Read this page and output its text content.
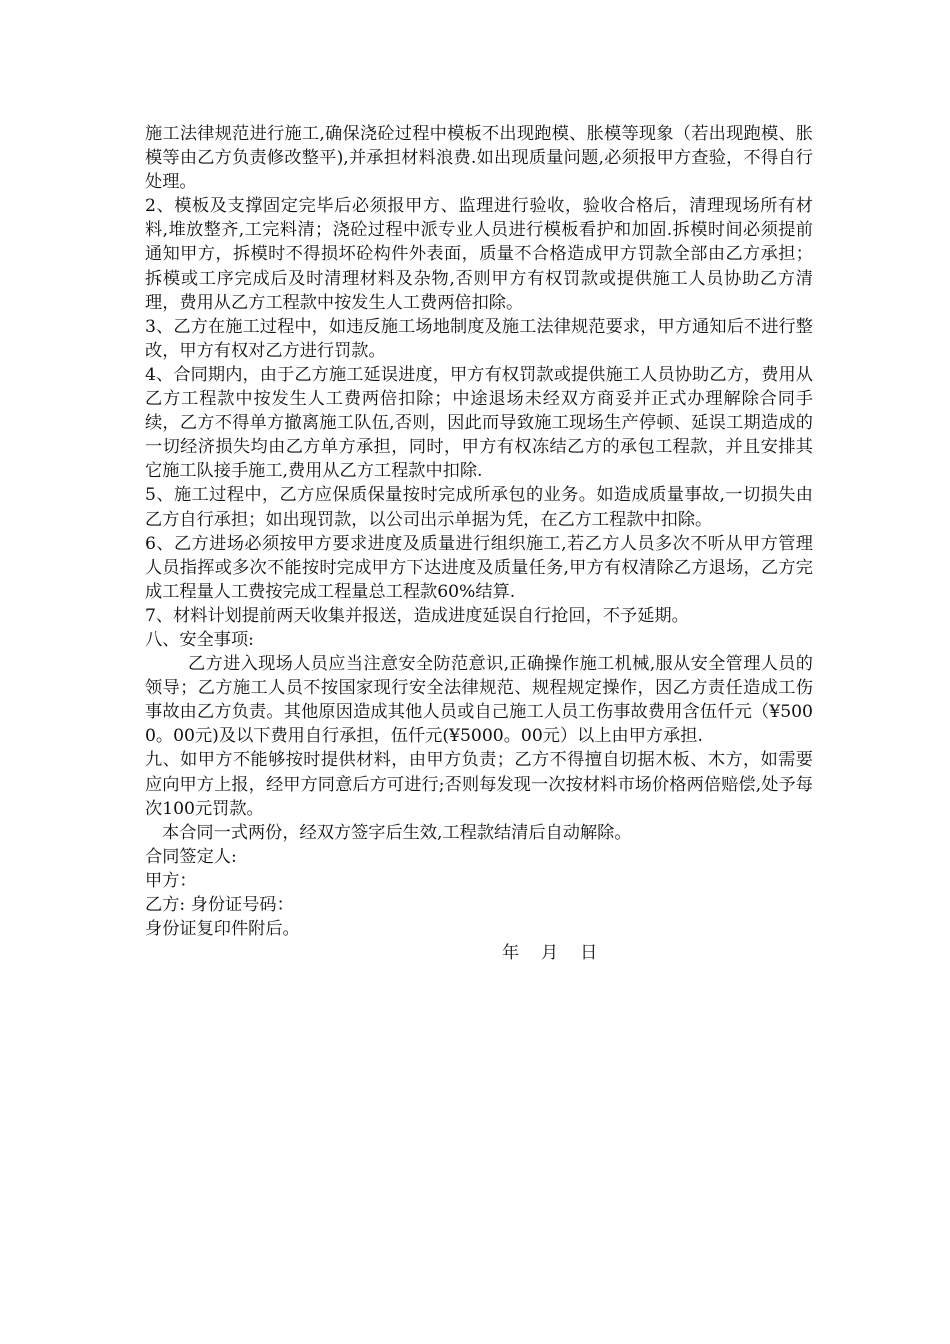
施工法律规范进行施工,确保浇砼过程中模板不出现跑模、胀模等现象（若出现跑模、胀模等由乙方负责修改整平),并承担材料浪费.如出现质量问题,必须报甲方查验，不得自行处理。

2、模板及支撑固定完毕后必须报甲方、监理进行验收，验收合格后，清理现场所有材料,堆放整齐,工完料清；浇砼过程中派专业人员进行模板看护和加固.拆模时间必须提前通知甲方，拆模时不得损坏砼构件外表面，质量不合格造成甲方罚款全部由乙方承担；拆模或工序完成后及时清理材料及杂物,否则甲方有权罚款或提供施工人员协助乙方清理，费用从乙方工程款中按发生人工费两倍扣除。

3、乙方在施工过程中，如违反施工场地制度及施工法律规范要求，甲方通知后不进行整改，甲方有权对乙方进行罚款。

4、合同期内，由于乙方施工延误进度，甲方有权罚款或提供施工人员协助乙方，费用从乙方工程款中按发生人工费两倍扣除；中途退场未经双方商妥并正式办理解除合同手续，乙方不得单方撤离施工队伍,否则，因此而导致施工现场生产停顿、延误工期造成的一切经济损失均由乙方单方承担，同时，甲方有权冻结乙方的承包工程款，并且安排其它施工队接手施工,费用从乙方工程款中扣除.

5、施工过程中，乙方应保质保量按时完成所承包的业务。如造成质量事故,一切损失由乙方自行承担；如出现罚款，以公司出示单据为凭，在乙方工程款中扣除。

6、乙方进场必须按甲方要求进度及质量进行组织施工,若乙方人员多次不听从甲方管理人员指挥或多次不能按时完成甲方下达进度及质量任务,甲方有权清除乙方退场，乙方完成工程量人工费按完成工程量总工程款60%结算.

7、材料计划提前两天收集并报送，造成进度延误自行抢回，不予延期。

八、安全事项:

乙方进入现场人员应当注意安全防范意识,正确操作施工机械,服从安全管理人员的领导；乙方施工人员不按国家现行安全法律规范、规程规定操作，因乙方责任造成工伤事故由乙方负责。其他原因造成其他人员或自己施工人员工伤事故费用含伍仟元（¥5000。00元)及以下费用自行承担，伍仟元(¥5000。00元）以上由甲方承担.

九、如甲方不能够按时提供材料，由甲方负责；乙方不得擅自切据木板、木方，如需要应向甲方上报，经甲方同意后方可进行;否则每发现一次按材料市场价格两倍赔偿,处予每次100元罚款。

本合同一式两份，经双方签字后生效,工程款结清后自动解除。

合同签定人:

甲方：

乙方: 身份证号码：

身份证复印件附后。

年    月    日
